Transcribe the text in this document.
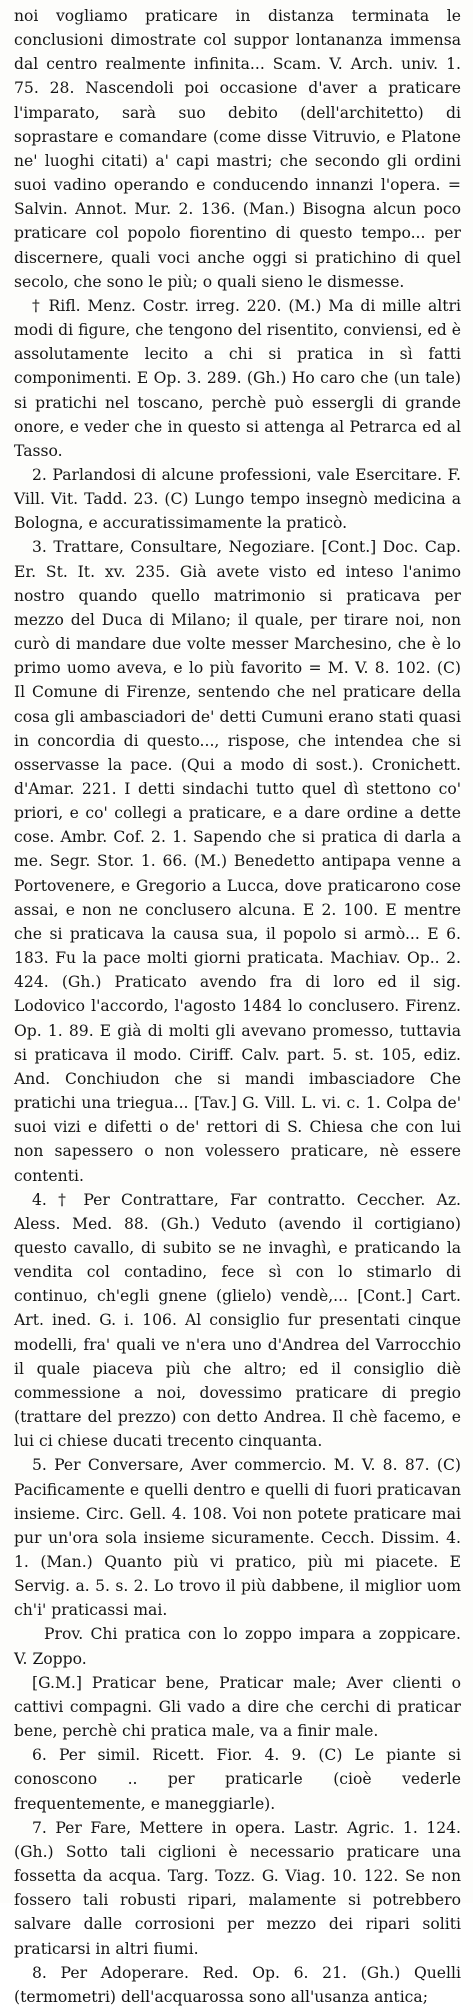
noi vogliamo praticare in distanza terminata le conclusioni dimostrate col suppor lontananza immensa dal centro realmente infinita... Scam. V. Arch. univ. 1. 75. 28. Nascendoli poi occasione d'aver a praticare l'imparato, sarà suo debito (dell'architetto) di soprastare e comandare (come disse Vitruvio, e Platone ne' luoghi citati) a' capi mastri; che secondo gli ordini suoi vadino operando e conducendo innanzi l'opera. = Salvin. Annot. Mur. 2. 136. (Man.) Bisogna alcun poco praticare col popolo fiorentino di questo tempo... per discernere, quali voci anche oggi si pratichino di quel secolo, che sono le più; o quali sieno le dismesse.

† Rifl. Menz. Costr. irreg. 220. (M.) Ma di mille altri modi di figure, che tengono del risentito, conviensi, ed è assolutamente lecito a chi si pratica in sì fatti componimenti. E Op. 3. 289. (Gh.) Ho caro che (un tale) si pratichi nel toscano, perchè può essergli di grande onore, e veder che in questo si attenga al Petrarca ed al Tasso.

2. Parlandosi di alcune professioni, vale Esercitare. F. Vill. Vit. Tadd. 23. (C) Lungo tempo insegnò medicina a Bologna, e accuratissimamente la praticò.

3. Trattare, Consultare, Negoziare. [Cont.] Doc. Cap. Er. St. It. xv. 235. Già avete visto ed inteso l'animo nostro quando quello matrimonio si praticava per mezzo del Duca di Milano; il quale, per tirare noi, non curò di mandare due volte messer Marchesino, che è lo primo uomo aveva, e lo più favorito = M. V. 8. 102. (C) Il Comune di Firenze, sentendo che nel praticare della cosa gli ambasciadori de' detti Cumuni erano stati quasi in concordia di questo..., rispose, che intendea che si osservasse la pace. (Qui a modo di sost.). Cronichett. d'Amar. 221. I detti sindachi tutto quel dì stettono co' priori, e co' collegi a praticare, e a dare ordine a dette cose. Ambr. Cof. 2. 1. Sapendo che si pratica di darla a me. Segr. Stor. 1. 66. (M.) Benedetto antipapa venne a Portovenere, e Gregorio a Lucca, dove praticarono cose assai, e non ne conclusero alcuna. E 2. 100. E mentre che si praticava la causa sua, il popolo si armò... E 6. 183. Fu la pace molti giorni praticata. Machiav. Op.. 2. 424. (Gh.) Praticato avendo fra di loro ed il sig. Lodovico l'accordo, l'agosto 1484 lo conclusero. Firenz. Op. 1. 89. E già di molti gli avevano promesso, tuttavia si praticava il modo. Ciriff. Calv. part. 5. st. 105, ediz. And. Conchiudon che si mandi imbasciadore Che pratichi una triegua... [Tav.] G. Vill. L. vi. c. 1. Colpa de' suoi vizi e difetti o de' rettori di S. Chiesa che con lui non sapessero o non volessero praticare, nè essere contenti.

4. † Per Contrattare, Far contratto. Ceccher. Az. Aless. Med. 88. (Gh.) Veduto (avendo il cortigiano) questo cavallo, di subito se ne invaghì, e praticando la vendita col contadino, fece sì con lo stimarlo di continuo, ch'egli gnene (glielo) vendè,... [Cont.] Cart. Art. ined. G. i. 106. Al consiglio fur presentati cinque modelli, fra' quali ve n'era uno d'Andrea del Varrocchio il quale piaceva più che altro; ed il consiglio diè commessione a noi, dovessimo praticare di pregio (trattare del prezzo) con detto Andrea. Il chè facemo, e lui ci chiese ducati trecento cinquanta.

5. Per Conversare, Aver commercio. M. V. 8. 87. (C) Pacificamente e quelli dentro e quelli di fuori praticavan insieme. Circ. Gell. 4. 108. Voi non potete praticare mai pur un'ora sola insieme sicuramente. Cecch. Dissim. 4. 1. (Man.) Quanto più vi pratico, più mi piacete. E Servig. a. 5. s. 2. Lo trovo il più dabbene, il miglior uom ch'i' praticassi mai.

Prov. Chi pratica con lo zoppo impara a zoppicare. V. Zoppo.

[G.M.] Praticar bene, Praticar male; Aver clienti o cattivi compagni. Gli vado a dire che cerchi di praticar bene, perchè chi pratica male, va a finir male.

6. Per simil. Ricett. Fior. 4. 9. (C) Le piante si conoscono .. per praticarle (cioè vederle frequentemente, e maneggiarle).

7. Per Fare, Mettere in opera. Lastr. Agric. 1. 124. (Gh.) Sotto tali ciglioni è necessario praticare una fossetta da acqua. Targ. Tozz. G. Viag. 10. 122. Se non fossero tali robusti ripari, malamente si potrebbero salvare dalle corrosioni per mezzo dei ripari soliti praticarsi in altri fiumi.

8. Per Adoperare. Red. Op. 6. 21. (Gh.) Quelli (termometri) dell'acquarossa sono all'usanza antica;
